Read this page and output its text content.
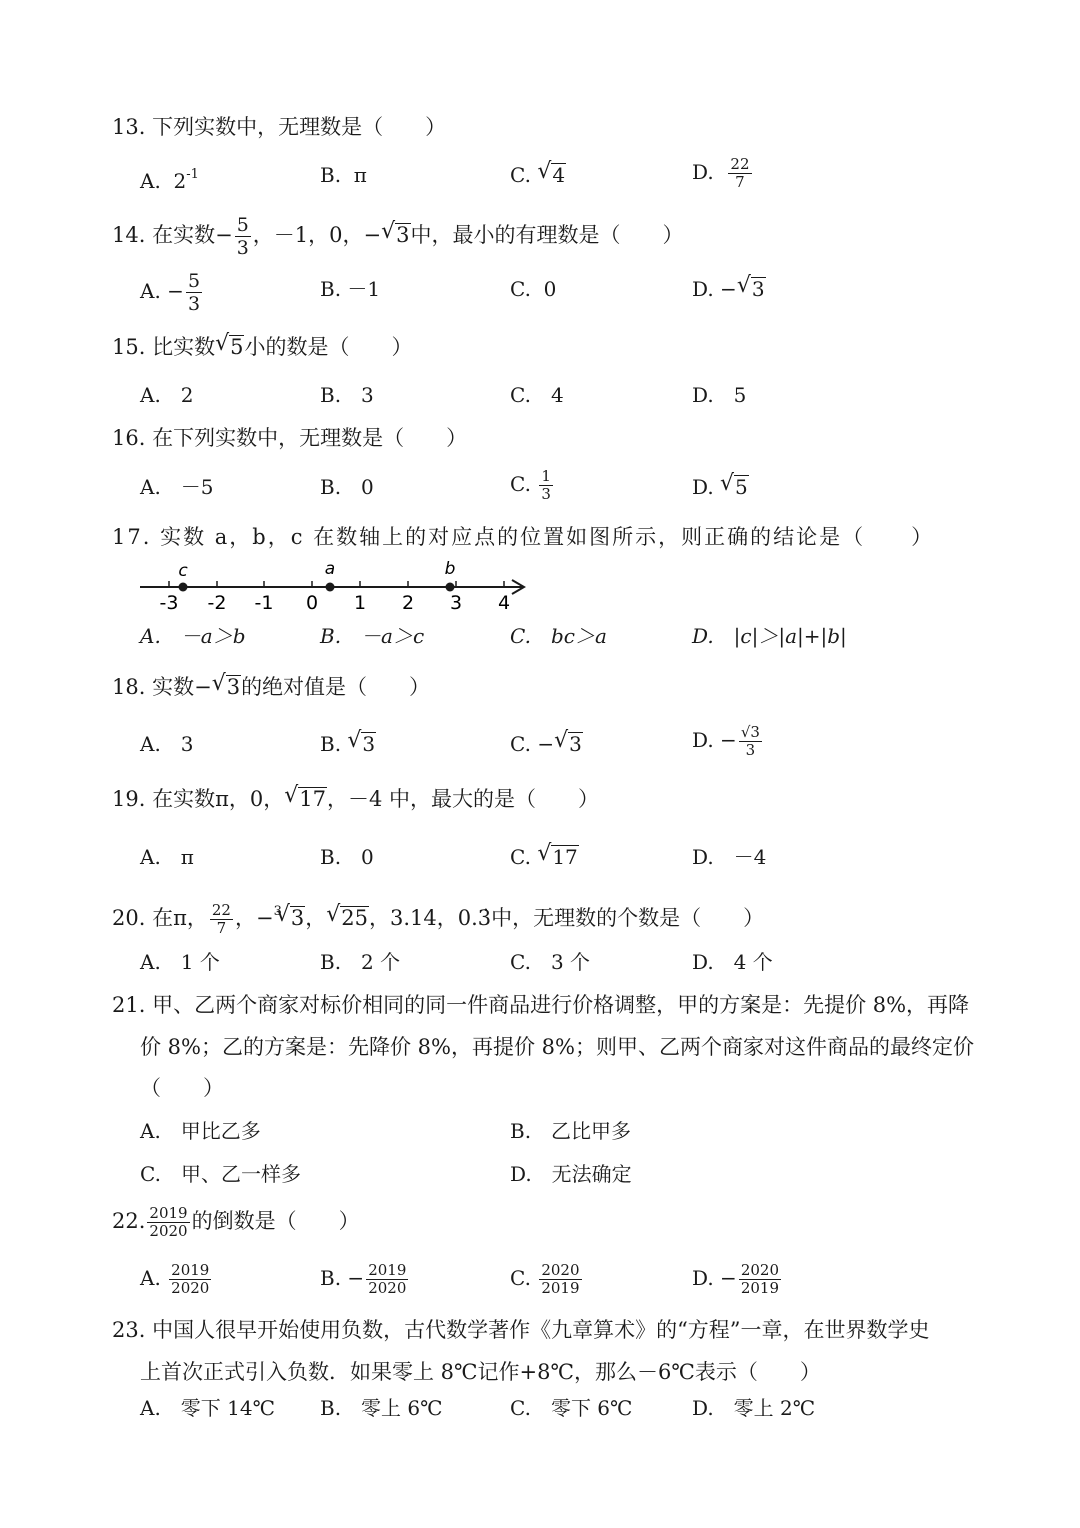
13. 下列实数中，无理数是（　　）
A. $2^{-1}$	B. π	C. √ 4	D. $\frac{22}{7}$
14. 在实数− $\frac{5}{3}$ ，－1，0，− √ 3中，最小的有理数是（　　）
A. − $\frac{5}{3}$	B. －1	C. 0	D. − √ 3
15. 比实数 √ 5小的数是（　　）
A.　2	B.　3	C.　4	D.　5
16. 在下列实数中，无理数是（　　）
A.　－5	B.　0	C. $\frac{1}{3}$	D. √ 5
17. 实数 a，b，c 在数轴上的对应点的位置如图所示，则正确的结论是（　　）
-3 -2 -1 0 1 2 3 4
c	a	b
A.　－a＞b	B.　－a＞c	C.　bc＞a	D.　|c|＞|a|+|b|
18. 实数− √ 3的绝对值是（　　）
A.　3	B. √ 3	C. − √ 3	D. − $\frac{√3}{3}$
19. 在实数π，0， √ 17，－4 中，最大的是（　　）
A.　π	B.　0	C. √ 17	D.　－4
20. 在π， $\frac{22}{7}$ ，−$^3$ √ 3， √ 25，3.14，0.3̇中，无理数的个数是（　　）
A.　1 个	B.　2 个	C.　3 个	D.　4 个
21. 甲、乙两个商家对标价相同的同一件商品进行价格调整，甲的方案是：先提价 8%，再降
价 8%；乙的方案是：先降价 8%，再提价 8%；则甲、乙两个商家对这件商品的最终定价
（　　）
A.　甲比乙多	B.　乙比甲多
C.　甲、乙一样多	D.　无法确定
22. $\frac{2019}{2020}$ 的倒数是（　　）
A. $\frac{2019}{2020}$	B. − $\frac{2019}{2020}$	C. $\frac{2020}{2019}$	D. − $\frac{2020}{2019}$
23. 中国人很早开始使用负数，古代数学著作《九章算术》的“方程”一章，在世界数学史
上首次正式引入负数．如果零上 8℃记作+8℃，那么－6℃表示（　　）
A.　零下 14℃ B.　零上 6℃	C.　零下 6℃	D.　零上 2℃
